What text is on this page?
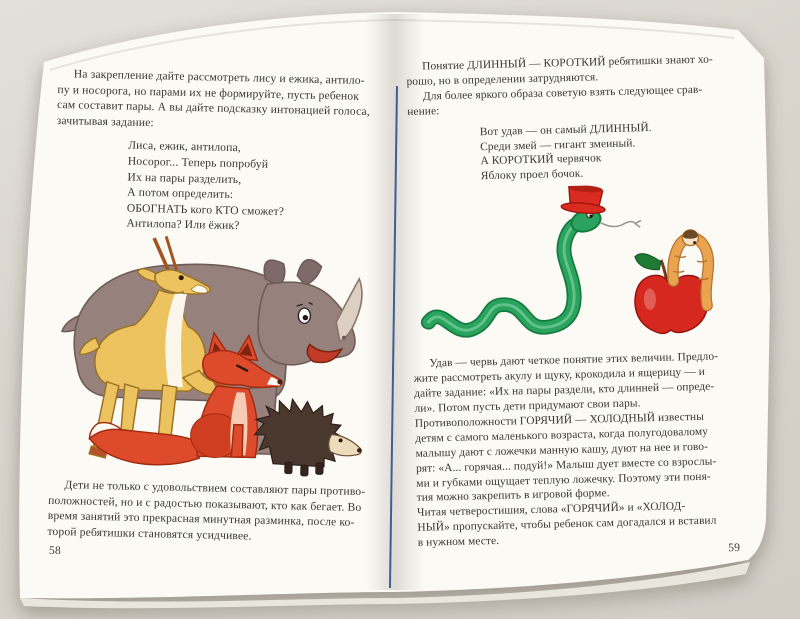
На закрепление дайте рассмотреть лису и ежика, антило-
пу и носорога, но парами их не формируйте, пусть ребенок
сам составит пары. А вы дайте подсказку интонацией голоса,
зачитывая задание:
Лиса, ежик, антилопа,
Носорог... Теперь попробуй
Их на пары разделить,
А потом определить:
ОБОГНАТЬ кого КТО сможет?
Антилопа? Или ёжик?
Дети не только с удовольствием составляют пары противо-
положностей, но и с радостью показывают, кто как бегает. Во
время занятий это прекрасная минутная разминка, после ко-
торой ребятишки становятся усидчивее.
58
Понятие ДЛИННЫЙ — КОРОТКИЙ ребятишки знают хо-
рошо, но в определении затрудняются.
Для более яркого образа советую взять следующее срав-
нение:
Вот удав — он самый ДЛИННЫЙ.
Среди змей — гигант змеиный.
А КОРОТКИЙ червячок
Яблоку проел бочок.
Удав — червь дают четкое понятие этих величин. Предло-
жите рассмотреть акулу и щуку, крокодила и ящерицу — и
дайте задание: «Их на пары раздели, кто длинней — опреде-
ли». Потом пусть дети придумают свои пары.
Противоположности ГОРЯЧИЙ — ХОЛОДНЫЙ известны
детям с самого маленького возраста, когда полугодовалому
малышу дают с ложечки манную кашу, дуют на нее и гово-
рят: «А... горячая... подуй!» Малыш дует вместе со взрослы-
ми и губками ощущает теплую ложечку. Поэтому эти поня-
тия можно закрепить в игровой форме.
Читая четверостишия, слова «ГОРЯЧИЙ» и «ХОЛОД-
НЫЙ» пропускайте, чтобы ребенок сам догадался и вставил
в нужном месте.	59
